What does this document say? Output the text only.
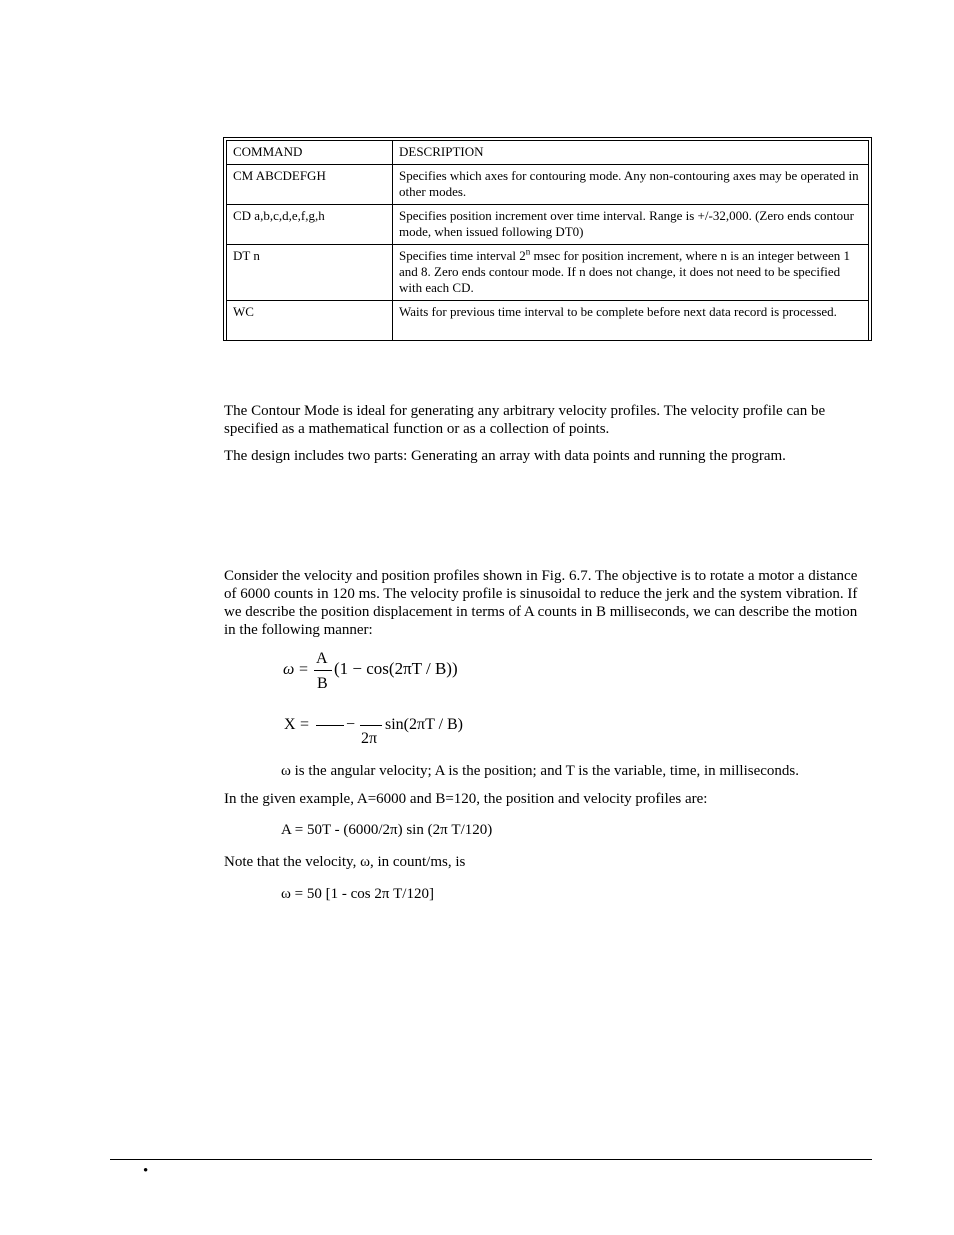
COMMAND	DESCRIPTION
CM ABCDEFGH	Specifies which axes for contouring mode. Any non-contouring axes may be operated in other modes.
CD a,b,c,d,e,f,g,h	Specifies position increment over time interval. Range is +/-32,000. (Zero ends contour mode, when issued following DT0)
DT n	Specifies time interval 2$^n$ msec for position increment, where n is an integer between 1 and 8. Zero ends contour mode. If n does not change, it does not need to be specified with each CD.
WC	Waits for previous time interval to be complete before next data record is processed.

The Contour Mode is ideal for generating any arbitrary velocity profiles. The velocity profile can be specified as a mathematical function or as a collection of points.

The design includes two parts: Generating an array with data points and running the program.

Consider the velocity and position profiles shown in Fig. 6.7. The objective is to rotate a motor a distance of 6000 counts in 120 ms. The velocity profile is sinusoidal to reduce the jerk and the system vibration. If we describe the position displacement in terms of A counts in B milliseconds, we can describe the motion in the following manner:

ω =
A
B
(1 − cos(2πT / B))
X = −
2π
sin(2πT / B)
ω is the angular velocity; A is the position; and T is the variable, time, in milliseconds.

In the given example, A=6000 and B=120, the position and velocity profiles are:

A = 50T - (6000/2π) sin (2π T/120)

Note that the velocity, ω, in count/ms, is

ω = 50 [1 - cos 2π T/120]
•
